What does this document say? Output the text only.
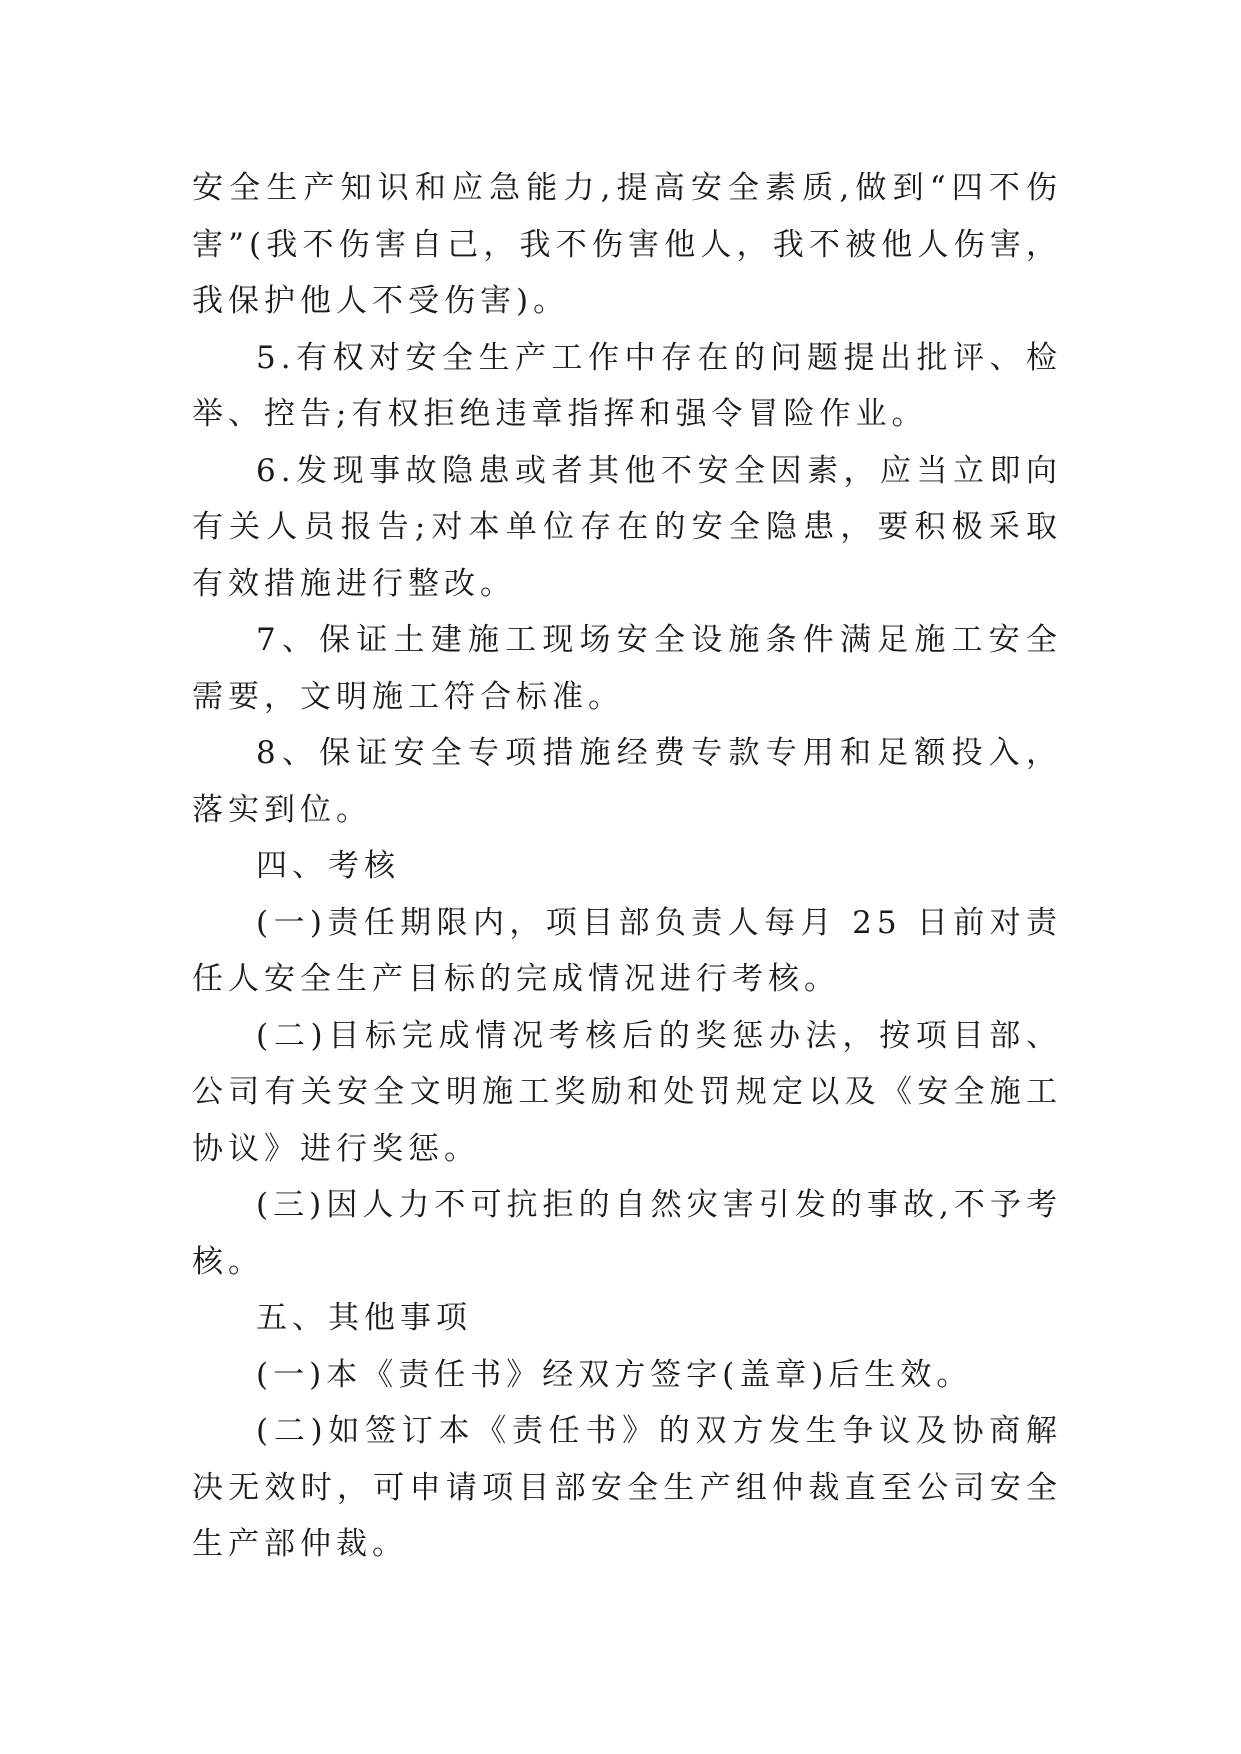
安全生产知识和应急能力,提高安全素质,做到“四不伤害”(我不伤害自己，我不伤害他人，我不被他人伤害，我保护他人不受伤害)。

5.有权对安全生产工作中存在的问题提出批评、检举、控告;有权拒绝违章指挥和强令冒险作业。

6.发现事故隐患或者其他不安全因素，应当立即向有关人员报告;对本单位存在的安全隐患，要积极采取有效措施进行整改。

7、保证土建施工现场安全设施条件满足施工安全需要，文明施工符合标准。

8、保证安全专项措施经费专款专用和足额投入，落实到位。

四、考核

(一)责任期限内，项目部负责人每月 25 日前对责任人安全生产目标的完成情况进行考核。

(二)目标完成情况考核后的奖惩办法，按项目部、公司有关安全文明施工奖励和处罚规定以及《安全施工协议》进行奖惩。

(三)因人力不可抗拒的自然灾害引发的事故,不予考核。

五、其他事项

(一)本《责任书》经双方签字(盖章)后生效。

(二)如签订本《责任书》的双方发生争议及协商解决无效时，可申请项目部安全生产组仲裁直至公司安全生产部仲裁。
